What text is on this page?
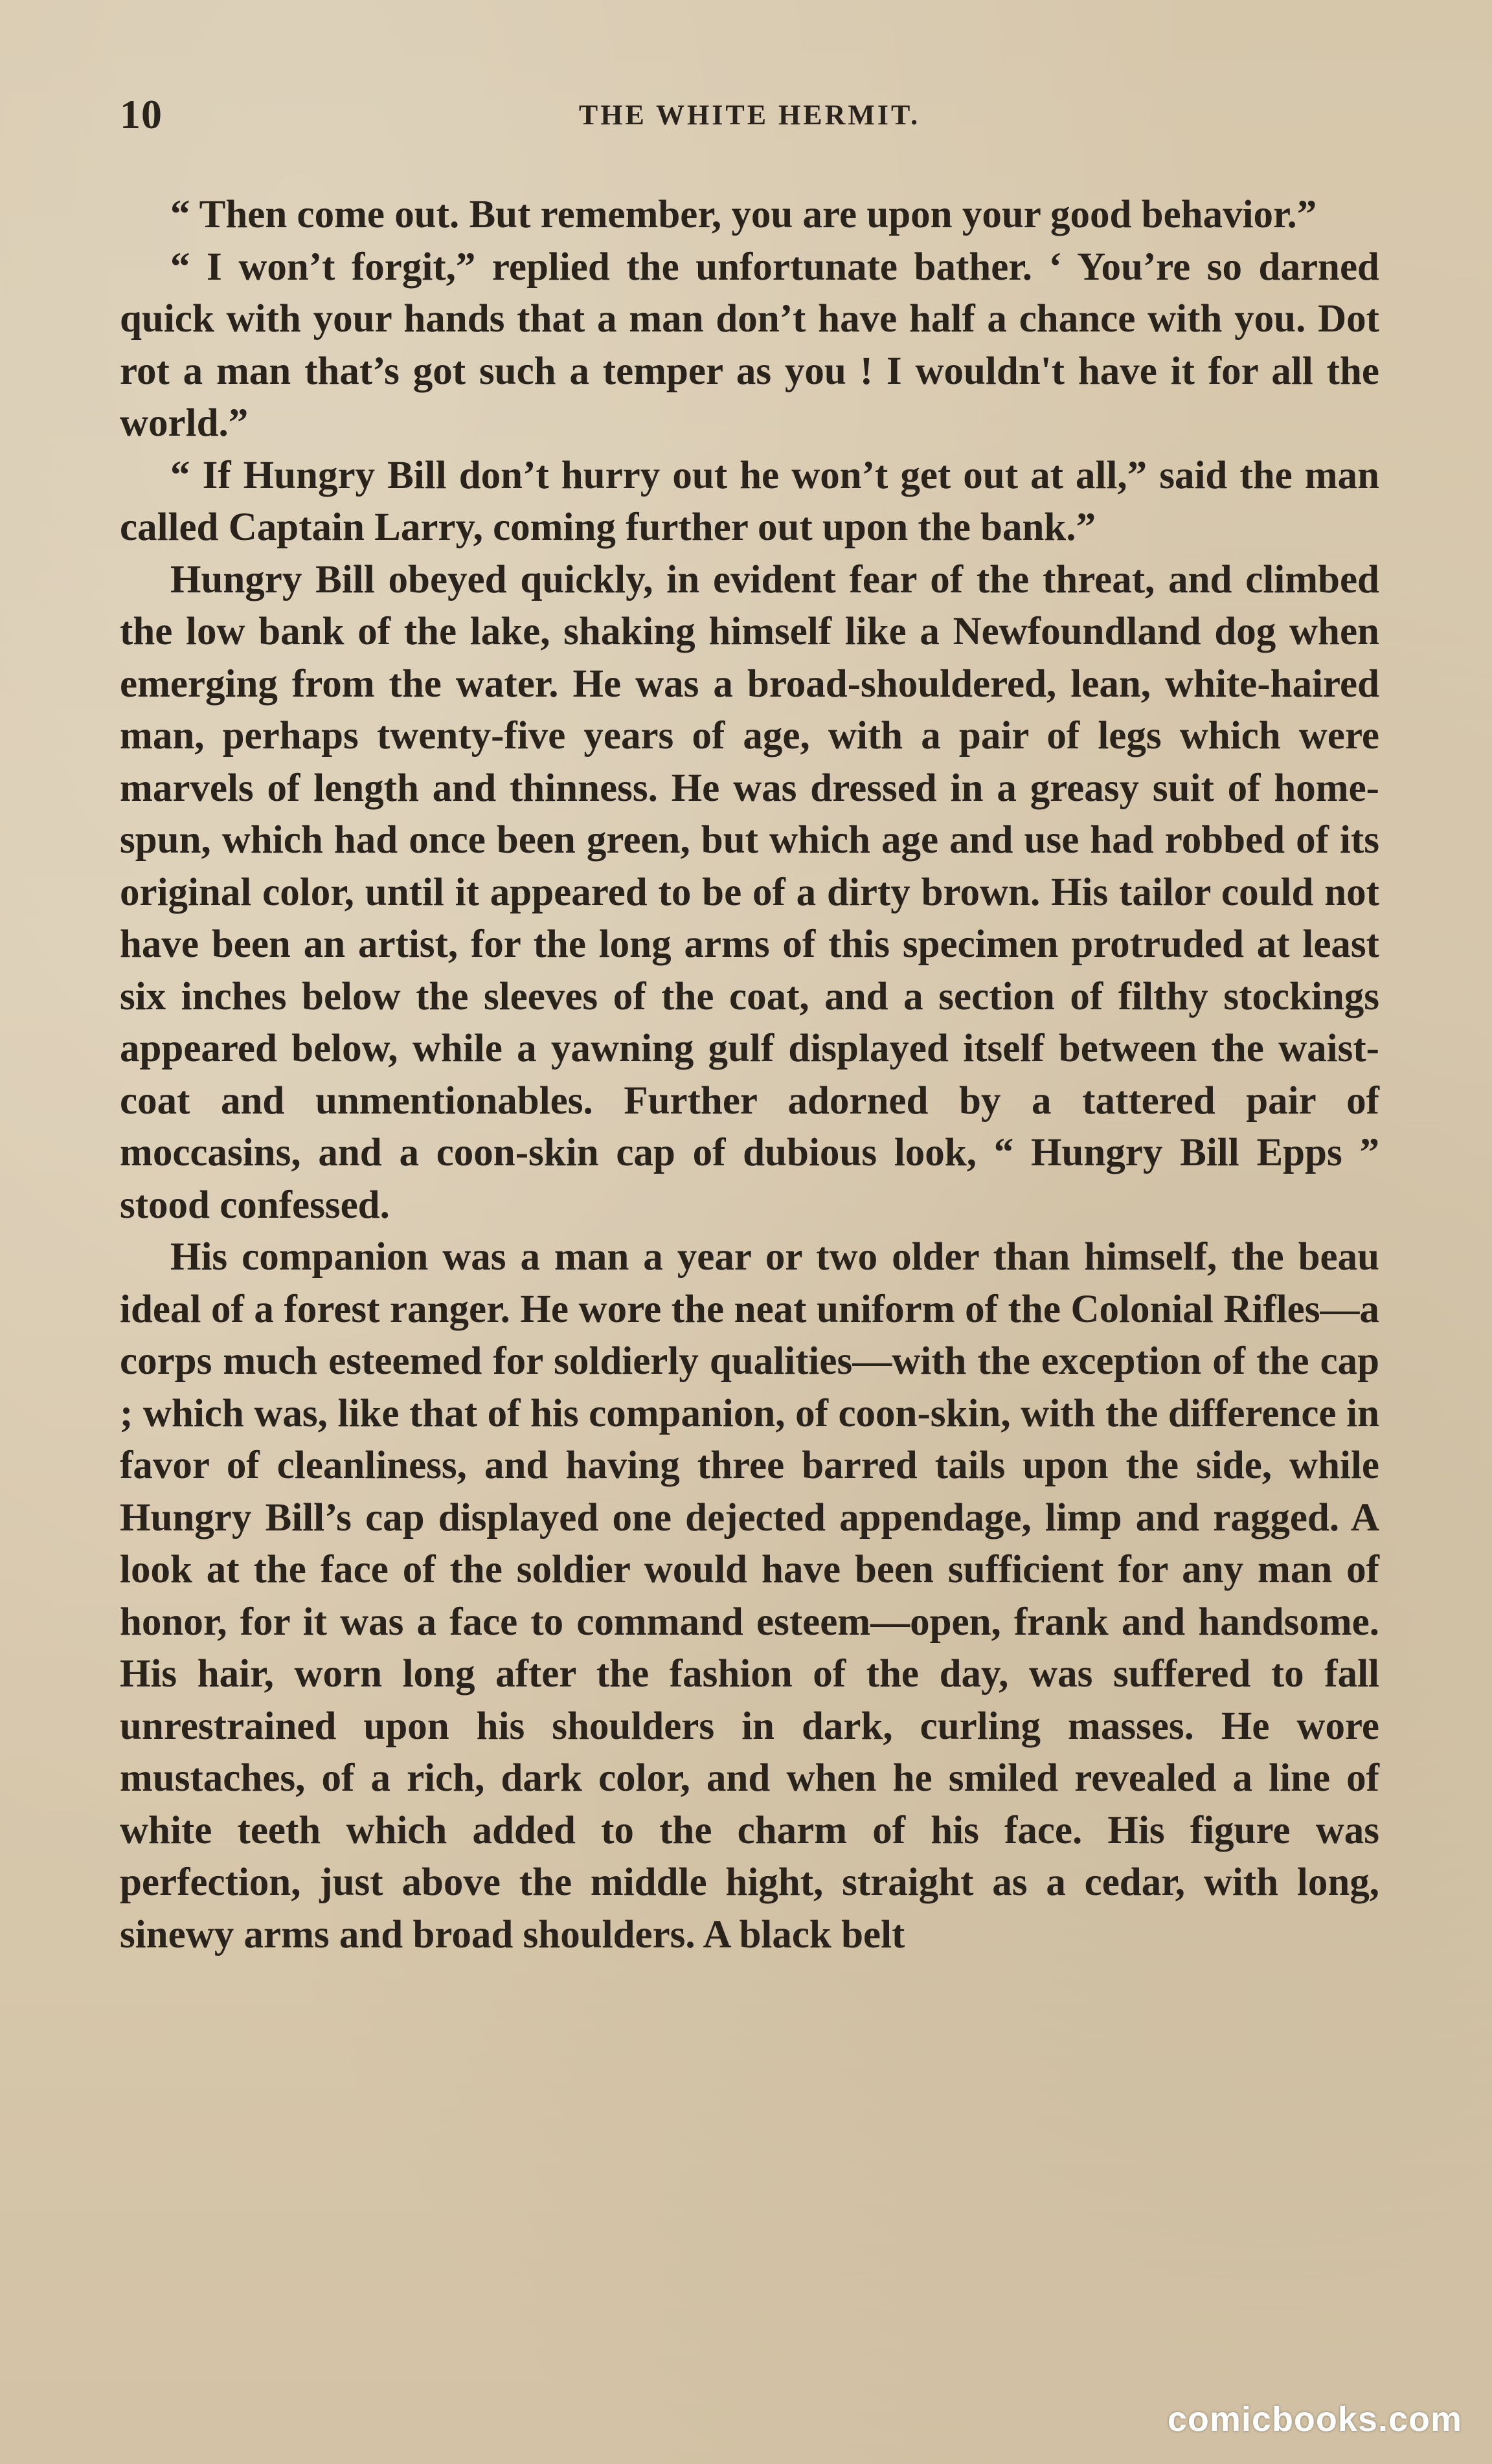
10	THE WHITE HERMIT.

“ Then come out. But remember, you are upon your good behavior.”

“ I won’t forgit,” replied the unfortunate bather. ‘ You’re so darned quick with your hands that a man don’t have half a chance with you. Dot rot a man that’s got such a temper as you ! I wouldn't have it for all the world.”

“ If Hungry Bill don’t hurry out he won’t get out at all,” said the man called Captain Larry, coming further out upon the bank.”

Hungry Bill obeyed quickly, in evident fear of the threat, and climbed the low bank of the lake, shaking himself like a Newfoundland dog when emerging from the water. He was a broad-shouldered, lean, white-haired man, perhaps twenty-five years of age, with a pair of legs which were marvels of length and thinness. He was dressed in a greasy suit of home-spun, which had once been green, but which age and use had robbed of its original color, until it appeared to be of a dirty brown. His tailor could not have been an artist, for the long arms of this specimen protruded at least six inches below the sleeves of the coat, and a section of filthy stockings appeared below, while a yawning gulf displayed itself between the waist-coat and unmentionables. Further adorned by a tattered pair of moccasins, and a coon-skin cap of dubious look, “ Hungry Bill Epps ” stood confessed.

His companion was a man a year or two older than himself, the beau ideal of a forest ranger. He wore the neat uniform of the Colonial Rifles—a corps much esteemed for soldierly qualities—with the exception of the cap ; which was, like that of his companion, of coon-skin, with the difference in favor of cleanliness, and having three barred tails upon the side, while Hungry Bill’s cap displayed one dejected appendage, limp and ragged. A look at the face of the soldier would have been sufficient for any man of honor, for it was a face to command esteem—open, frank and handsome. His hair, worn long after the fashion of the day, was suffered to fall unrestrained upon his shoulders in dark, curling masses. He wore mustaches, of a rich, dark color, and when he smiled revealed a line of white teeth which added to the charm of his face. His figure was perfection, just above the middle hight, straight as a cedar, with long, sinewy arms and broad shoulders. A black belt

comicbooks.com
